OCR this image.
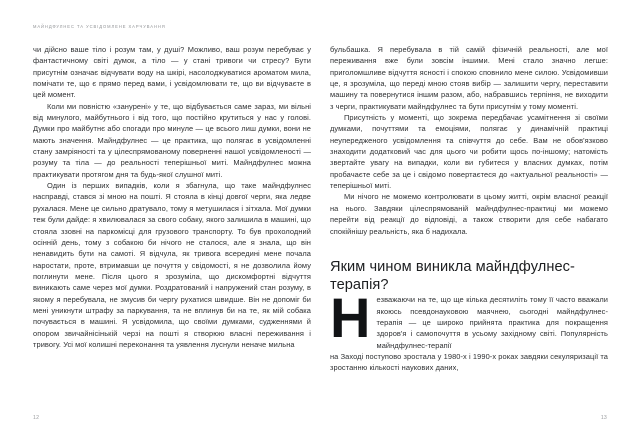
МАЙНДФУЛНЕС ТА УСВІДОМЛЕНЕ ХАРЧУВАННЯ

чи дійсно ваше тіло і розум там, у душі? Можливо, ваш розум перебуває у фантастичному світі думок, а тіло — у стані тривоги чи стресу? Бути присутнім означає відчувати воду на шкірі, насолоджуватися ароматом мила, помічати те, що є прямо перед вами, і усвідомлювати те, що ви відчуваєте в цей момент.

Коли ми повністю «занурені» у те, що відбувається саме зараз, ми вільні від минулого, майбутнього і від того, що постійно крутиться у нас у голові. Думки про майбутнє або спогади про минуле — це всього лиш думки, вони не мають значення. Майндфулнес — це практика, що полягає в усвідомленні стану замріяності та у цілеспрямованому поверненні нашої усвідомленості — розуму та тіла — до реальності теперішньої миті. Майндфулнес можна практикувати протягом дня та будь-якої слушної миті.

Один із перших випадків, коли я збагнула, що таке майндфулнес насправді, стався зі мною на пошті. Я стояла в кінці довгої черги, яка ледве рухалася. Мене це сильно дратувало, тому я метушилася і зітхала. Мої думки теж були дайде: я хвилювалася за свого собаку, якого залишила в машині, що стояла ззовні на паркомісці для грузового транспорту. То був прохолодний осінній день, тому з собакою би нічого не сталося, але я знала, що він ненавидить бути на самоті. Я відчула, як тривога всередині мене почала наростати, проте, втримавши це почуття у свідомості, я не дозволила йому поглинути мене. Після цього я зрозуміла, що дискомфортні відчуття виникають саме через мої думки. Роздратований і напружений стан розуму, в якому я перебувала, не змусив би чергу рухатися швидше. Він не допоміг би мені уникнути штрафу за паркування, та не вплинув би на те, як мій собака почувається в машині. Я усвідомила, що своїми думками, судженнями й опором звичайнісінькій черзі на пошті я створюю власні переживання і тривогу. Усі мої колишні переконання та уявлення луснули неначе мильна

бульбашка. Я перебувала в тій самій фізичній реальності, але мої переживання вже були зовсім іншими. Мені стало значно легше: приголомшливе відчуття ясності і спокою сповнило мене силою. Усвідомивши це, я зрозуміла, що переді мною стояв вибір — залишити чергу, переставити машину та повернутися іншим разом, або, набравшись терпіння, не виходити з черги, практикувати майндфулнес та бути присутнім у тому моменті.

Присутність у моменті, що зокрема передбачає усамітнення зі своїми думками, почуттями та емоціями, полягає у динамічній практиці неупередженого усвідомлення та співчуття до себе. Вам не обов'язково знаходити додатковий час для цього чи робити щось по-іншому; натомість звертайте увагу на випадки, коли ви губитеся у власних думках, потім пробачаєте себе за це і свідомо повертаєтеся до «актуальної реальності» — теперішньої миті.

Ми нічого не можемо контролювати в цьому житті, окрім власної реакції на нього. Завдяки цілеспрямованій майндфулнес-практиці ми можемо перейти від реакції до відповіді, а також створити для себе набагато спокійнішу реальність, яка б надихала.

Яким чином виникла майндфулнес-терапія?

Незважаючи на те, що ще кілька десятиліть тому її часто вважали якоюсь псевдонауковою маячнею, сьогодні майндфулнес-терапія — це широко прийнята практика для покращення здоров'я і самопочуття в усьому західному світі. Популярність майндфулнес-терапії

на Заході поступово зростала у 1980-х і 1990-х роках завдяки секуляризації та зростанню кількості наукових даних,

12	13
